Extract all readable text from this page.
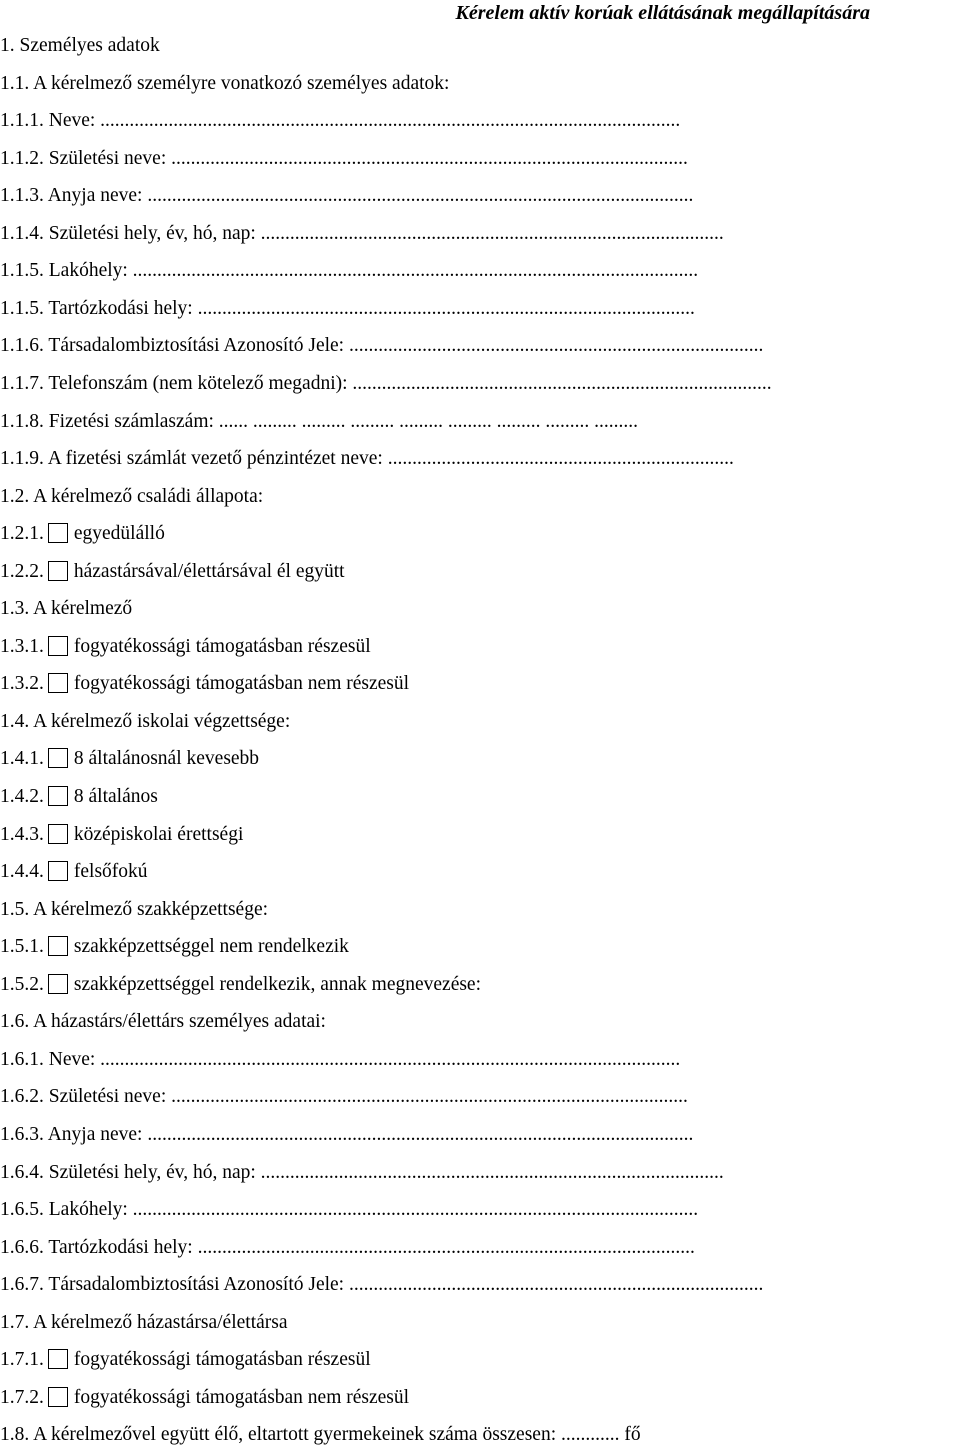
Kérelem aktív korúak ellátásának megállapítására
1. Személyes adatok
1.1. A kérelmező személyre vonatkozó személyes adatok:
1.1.1. Neve: .......................................................................................................................
1.1.2. Születési neve: ..........................................................................................................
1.1.3. Anyja neve: ................................................................................................................
1.1.4. Születési hely, év, hó, nap: ...............................................................................................
1.1.5. Lakóhely: ....................................................................................................................
1.1.5. Tartózkodási hely: ......................................................................................................
1.1.6. Társadalombiztosítási Azonosító Jele: .....................................................................................
1.1.7. Telefonszám (nem kötelező megadni): ......................................................................................
1.1.8. Fizetési számlaszám: ...... ......... ......... ......... ......... ......... ......... ......... .........
1.1.9. A fizetési számlát vezető pénzintézet neve: .......................................................................
1.2. A kérelmező családi állapota:
1.2.1. egyedülálló
1.2.2. házastársával/élettársával él együtt
1.3. A kérelmező
1.3.1. fogyatékossági támogatásban részesül
1.3.2. fogyatékossági támogatásban nem részesül
1.4. A kérelmező iskolai végzettsége:
1.4.1. 8 általánosnál kevesebb
1.4.2. 8 általános
1.4.3. középiskolai érettségi
1.4.4. felsőfokú
1.5. A kérelmező szakképzettsége:
1.5.1. szakképzettséggel nem rendelkezik
1.5.2. szakképzettséggel rendelkezik, annak megnevezése:
1.6. A házastárs/élettárs személyes adatai:
1.6.1. Neve: .......................................................................................................................
1.6.2. Születési neve: ..........................................................................................................
1.6.3. Anyja neve: ................................................................................................................
1.6.4. Születési hely, év, hó, nap: ...............................................................................................
1.6.5. Lakóhely: ....................................................................................................................
1.6.6. Tartózkodási hely: ......................................................................................................
1.6.7. Társadalombiztosítási Azonosító Jele: .....................................................................................
1.7. A kérelmező házastársa/élettársa
1.7.1. fogyatékossági támogatásban részesül
1.7.2. fogyatékossági támogatásban nem részesül
1.8. A kérelmezővel együtt élő, eltartott gyermekeinek száma összesen: ............ fő
